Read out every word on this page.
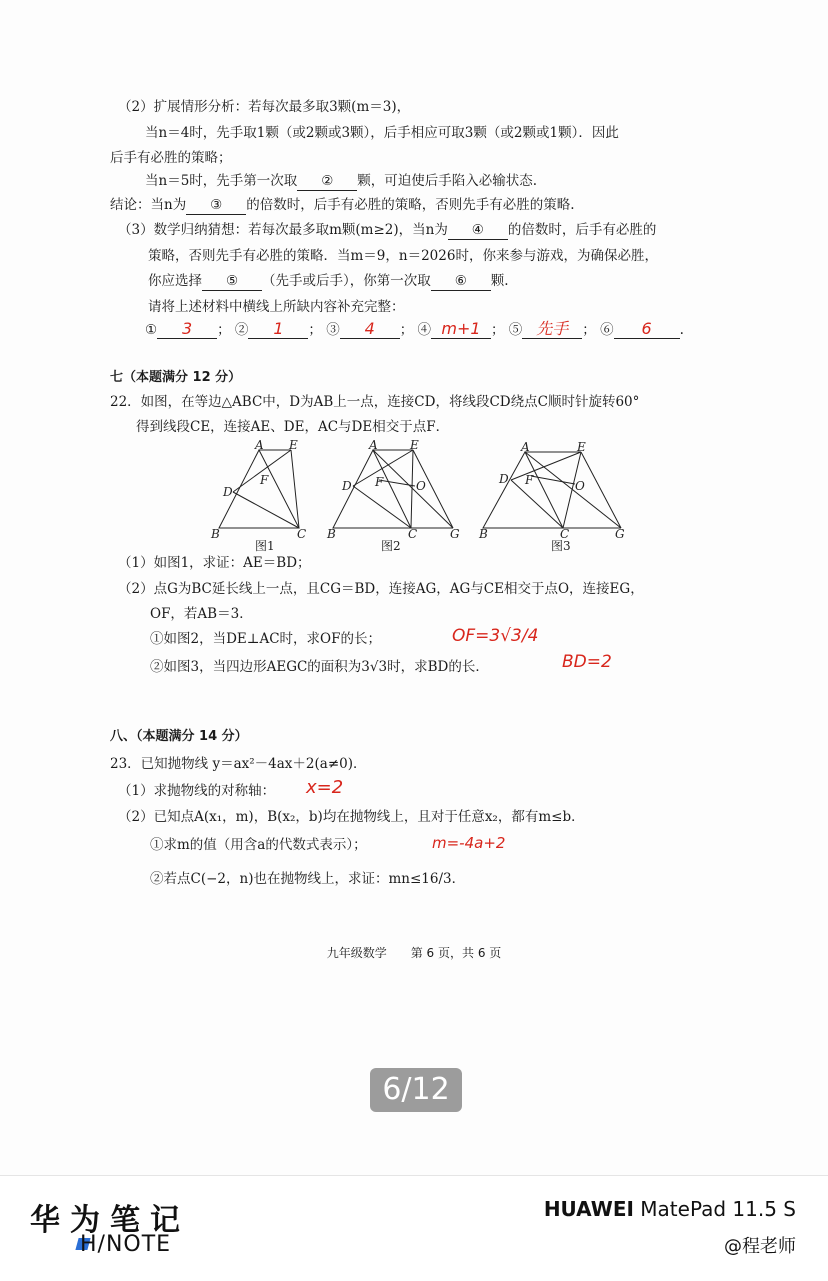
（2）扩展情形分析：若每次最多取3颗(m＝3)，
当n＝4时，先手取1颗（或2颗或3颗），后手相应可取3颗（或2颗或1颗）．因此
后手有必胜的策略；
当n＝5时，先手第一次取 ② 颗，可迫使后手陷入必输状态.
结论：当n为 ③ 的倍数时，后手有必胜的策略，否则先手有必胜的策略.
（3）数学归纳猜想：若每次最多取m颗(m≥2)，当n为 ④ 的倍数时，后手有必胜的
策略，否则先手有必胜的策略．当m＝9，n＝2026时，你来参与游戏，为确保必胜，
你应选择 ⑤ （先手或后手），你第一次取 ⑥ 颗.
请将上述材料中横线上所缺内容补充完整：
①	3	； ②	1	； ③	4	； ④ m+1 ； ⑤ 先手	； ⑥	6	.
七（本题满分 12 分）
22．如图，在等边△ABC中，D为AB上一点，连接CD，将线段CD绕点C顺时针旋转60°
得到线段CE，连接AE、DE，AC与DE相交于点F．
A E
D
F
B	C
A	E
D F	O
B	C	G
A	E
D F	O
B	C	G
图1	图2	图3
（1）如图1，求证：AE＝BD；
（2）点G为BC延长线上一点，且CG＝BD，连接AG，AG与CE相交于点O，连接EG，
OF，若AB＝3．
①如图2，当DE⊥AC时，求OF的长；	OF=3√3/4
②如图3，当四边形AEGC的面积为3√3时，求BD的长．	BD=2
八、（本题满分 14 分）
23．已知抛物线 y＝ax²－4ax＋2(a≠0)．
（1）求抛物线的对称轴： x=2
（2）已知点A(x₁，m)，B(x₂，b)均在抛物线上，且对于任意x₂，都有m≤b．
①求m的值（用含a的代数式表示）；	m=-4a+2
②若点C(−2，n)也在抛物线上，求证：mn≤16/3．
九年级数学　　第 6 页，共 6 页
6/12
华为笔记
H/NOTE
HUAWEI MatePad 11.5 S
@程老师
